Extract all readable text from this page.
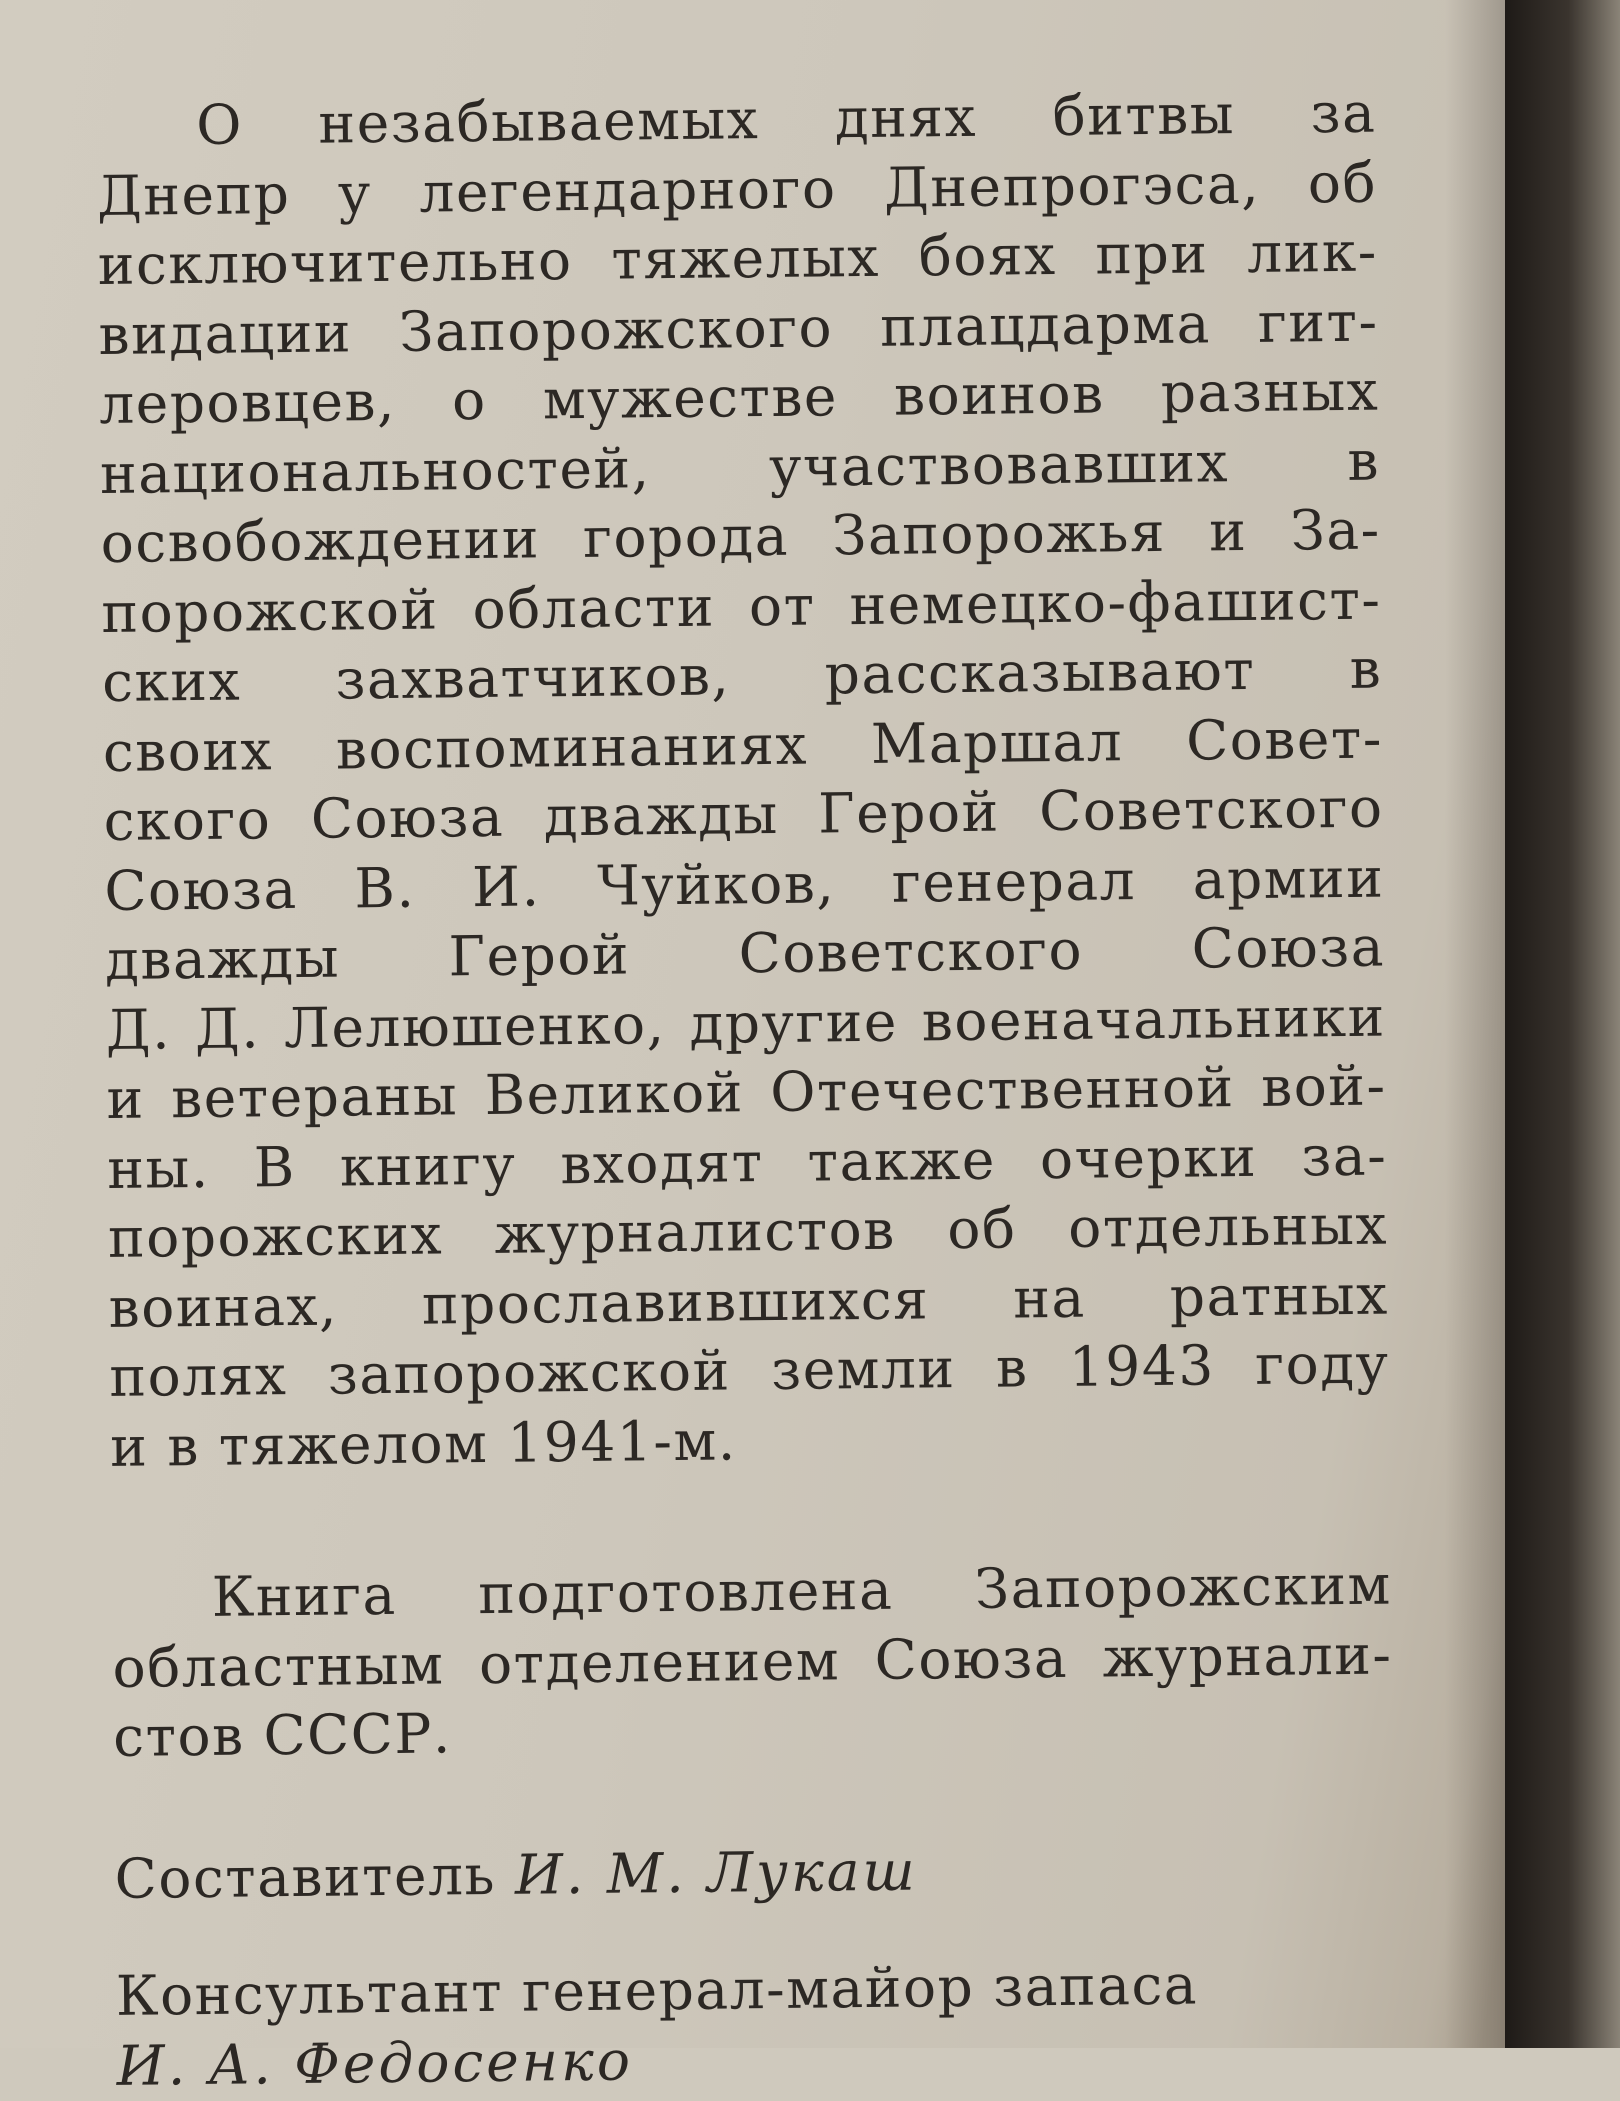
О незабываемых днях битвы за
Днепр у легендарного Днепрогэса, об
исключительно тяжелых боях при лик-
видации Запорожского плацдарма гит-
леровцев, о мужестве воинов разных
национальностей, участвовавших в
освобождении города Запорожья и За-
порожской области от немецко-фашист-
ских захватчиков, рассказывают в
своих воспоминаниях Маршал Совет-
ского Союза дважды Герой Советского
Союза В. И. Чуйков, генерал армии
дважды Герой Советского Союза
Д. Д. Лелюшенко, другие военачальники
и ветераны Великой Отечественной вой-
ны. В книгу входят также очерки за-
порожских журналистов об отдельных
воинах, прославившихся на ратных
полях запорожской земли в 1943 году
и в тяжелом 1941-м.

Книга подготовлена Запорожским
областным отделением Союза журнали-
стов СССР.

Составитель И. М. Лукаш

Консультант генерал-майор запаса
И. А. Федосенко
